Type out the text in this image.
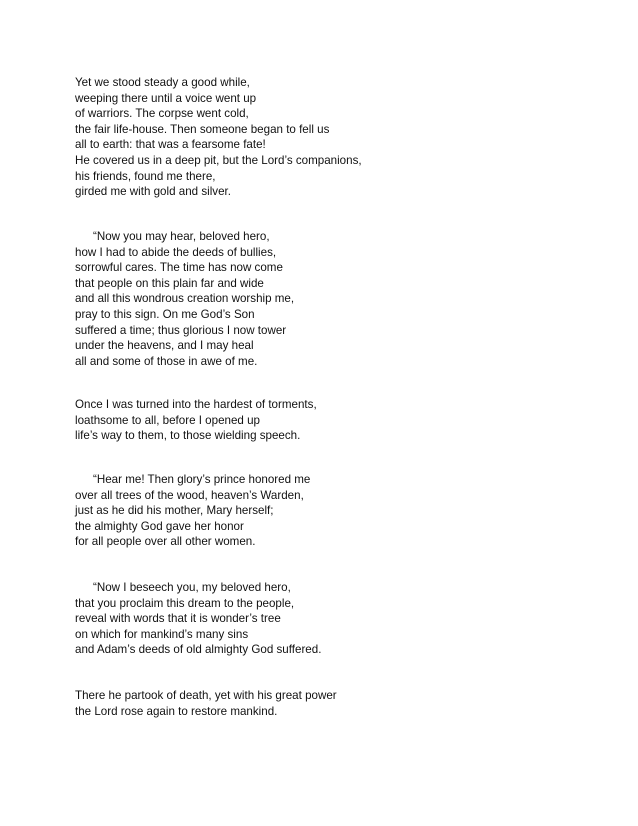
Yet we stood steady a good while,
weeping there until a voice went up
of warriors. The corpse went cold,
the fair life-house. Then someone began to fell us
all to earth: that was a fearsome fate!
He covered us in a deep pit, but the Lord’s companions,
his friends, found me there,
girded me with gold and silver.
“Now you may hear, beloved hero,
how I had to abide the deeds of bullies,
sorrowful cares. The time has now come
that people on this plain far and wide
and all this wondrous creation worship me,
pray to this sign. On me God’s Son
suffered a time; thus glorious I now tower
under the heavens, and I may heal
all and some of those in awe of me.
Once I was turned into the hardest of torments,
loathsome to all, before I opened up
life’s way to them, to those wielding speech.
“Hear me! Then glory’s prince honored me
over all trees of the wood, heaven’s Warden,
just as he did his mother, Mary herself;
the almighty God gave her honor
for all people over all other women.
“Now I beseech you, my beloved hero,
that you proclaim this dream to the people,
reveal with words that it is wonder’s tree
on which for mankind’s many sins
and Adam’s deeds of old almighty God suffered.
There he partook of death, yet with his great power
the Lord rose again to restore mankind.
